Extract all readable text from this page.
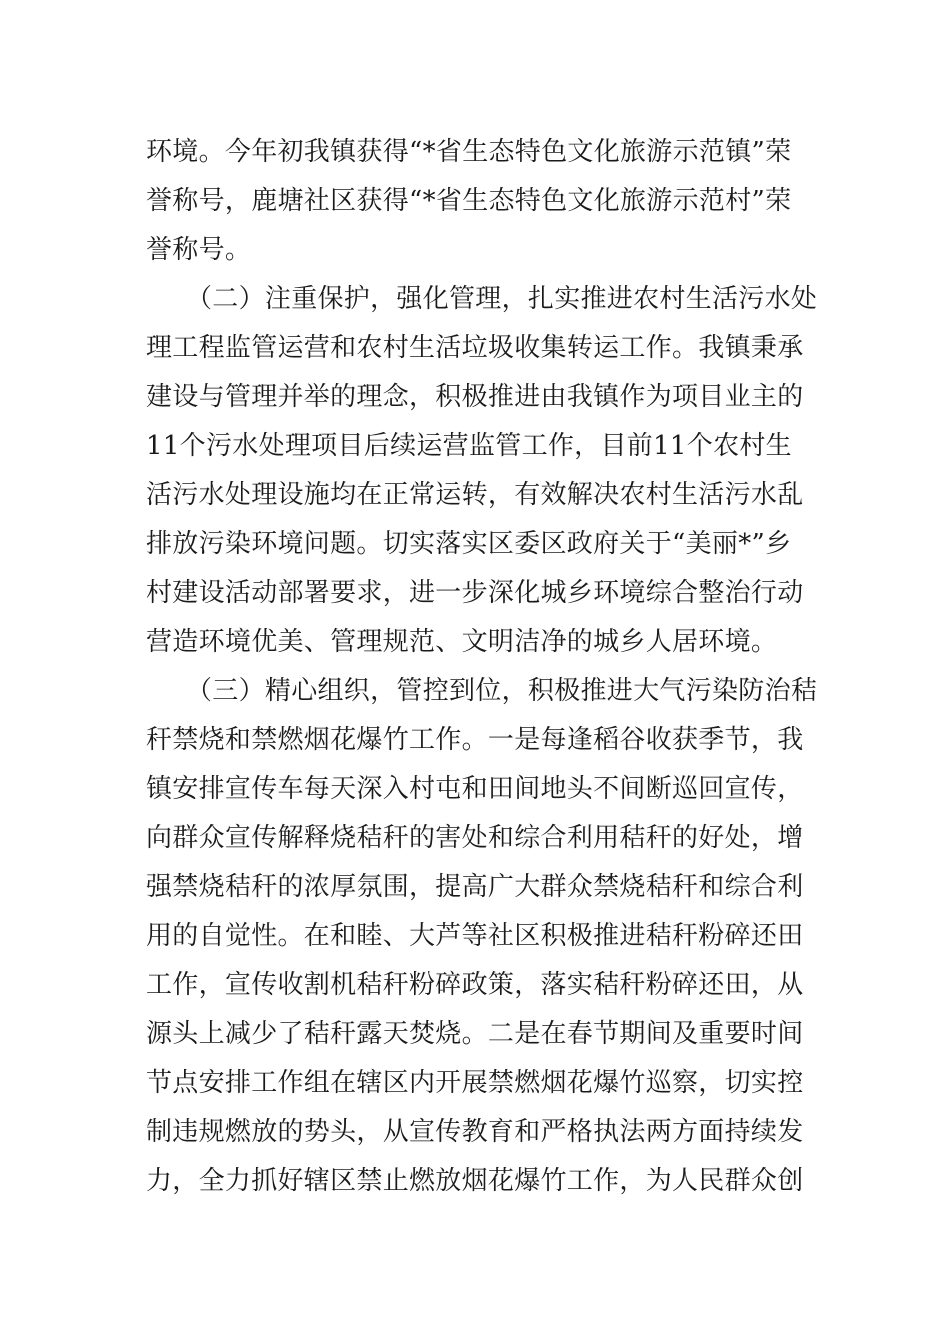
环境。今年初我镇获得“*省生态特色文化旅游示范镇”荣
誉称号，鹿塘社区获得“*省生态特色文化旅游示范村”荣
誉称号。
（二）注重保护，强化管理，扎实推进农村生活污水处
理工程监管运营和农村生活垃圾收集转运工作。我镇秉承
建设与管理并举的理念，积极推进由我镇作为项目业主的
11个污水处理项目后续运营监管工作，目前11个农村生
活污水处理设施均在正常运转，有效解决农村生活污水乱
排放污染环境问题。切实落实区委区政府关于“美丽*”乡
村建设活动部署要求，进一步深化城乡环境综合整治行动
营造环境优美、管理规范、文明洁净的城乡人居环境。
（三）精心组织，管控到位，积极推进大气污染防治秸
秆禁烧和禁燃烟花爆竹工作。一是每逢稻谷收获季节，我
镇安排宣传车每天深入村屯和田间地头不间断巡回宣传，
向群众宣传解释烧秸秆的害处和综合利用秸秆的好处，增
强禁烧秸秆的浓厚氛围，提高广大群众禁烧秸秆和综合利
用的自觉性。在和睦、大芦等社区积极推进秸秆粉碎还田
工作，宣传收割机秸秆粉碎政策，落实秸秆粉碎还田，从
源头上减少了秸秆露天焚烧。二是在春节期间及重要时间
节点安排工作组在辖区内开展禁燃烟花爆竹巡察，切实控
制违规燃放的势头，从宣传教育和严格执法两方面持续发
力，全力抓好辖区禁止燃放烟花爆竹工作，为人民群众创
